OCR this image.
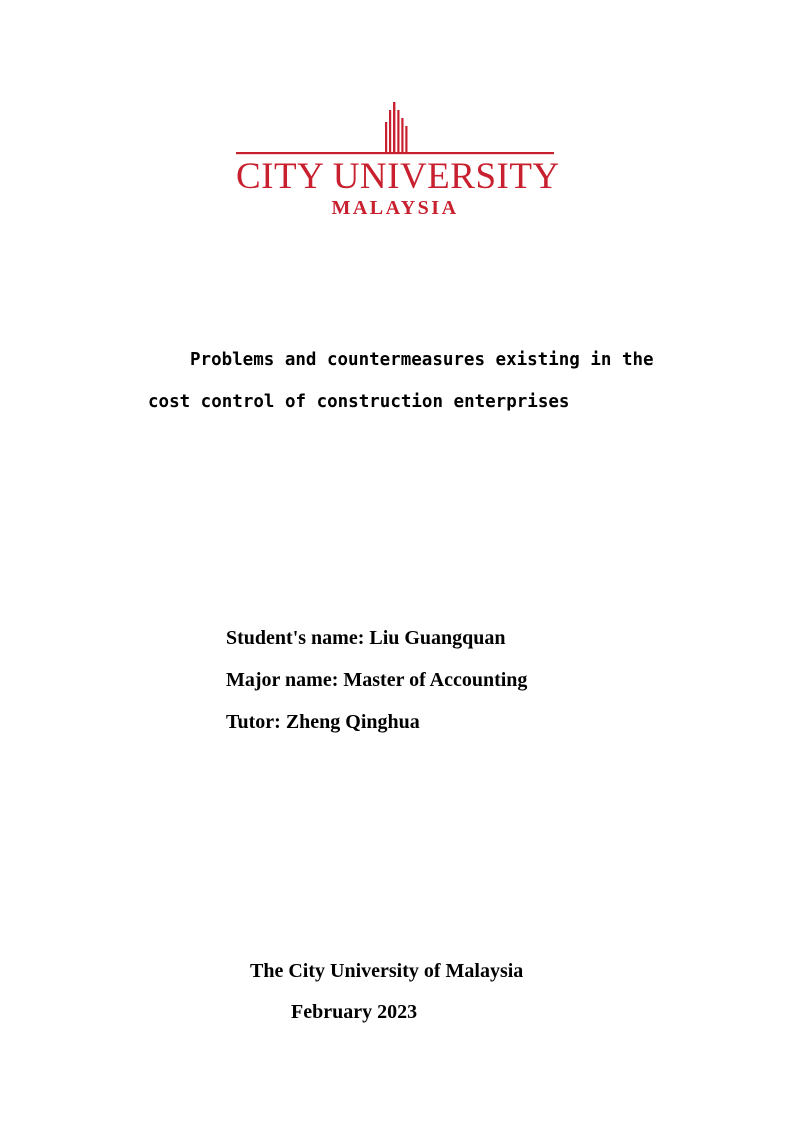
CITY UNIVERSITY
MALAYSIA
Problems and countermeasures existing in the
cost control of construction enterprises
Student's name: Liu Guangquan
Major name: Master of Accounting
Tutor: Zheng Qinghua
The City University of Malaysia
February 2023
